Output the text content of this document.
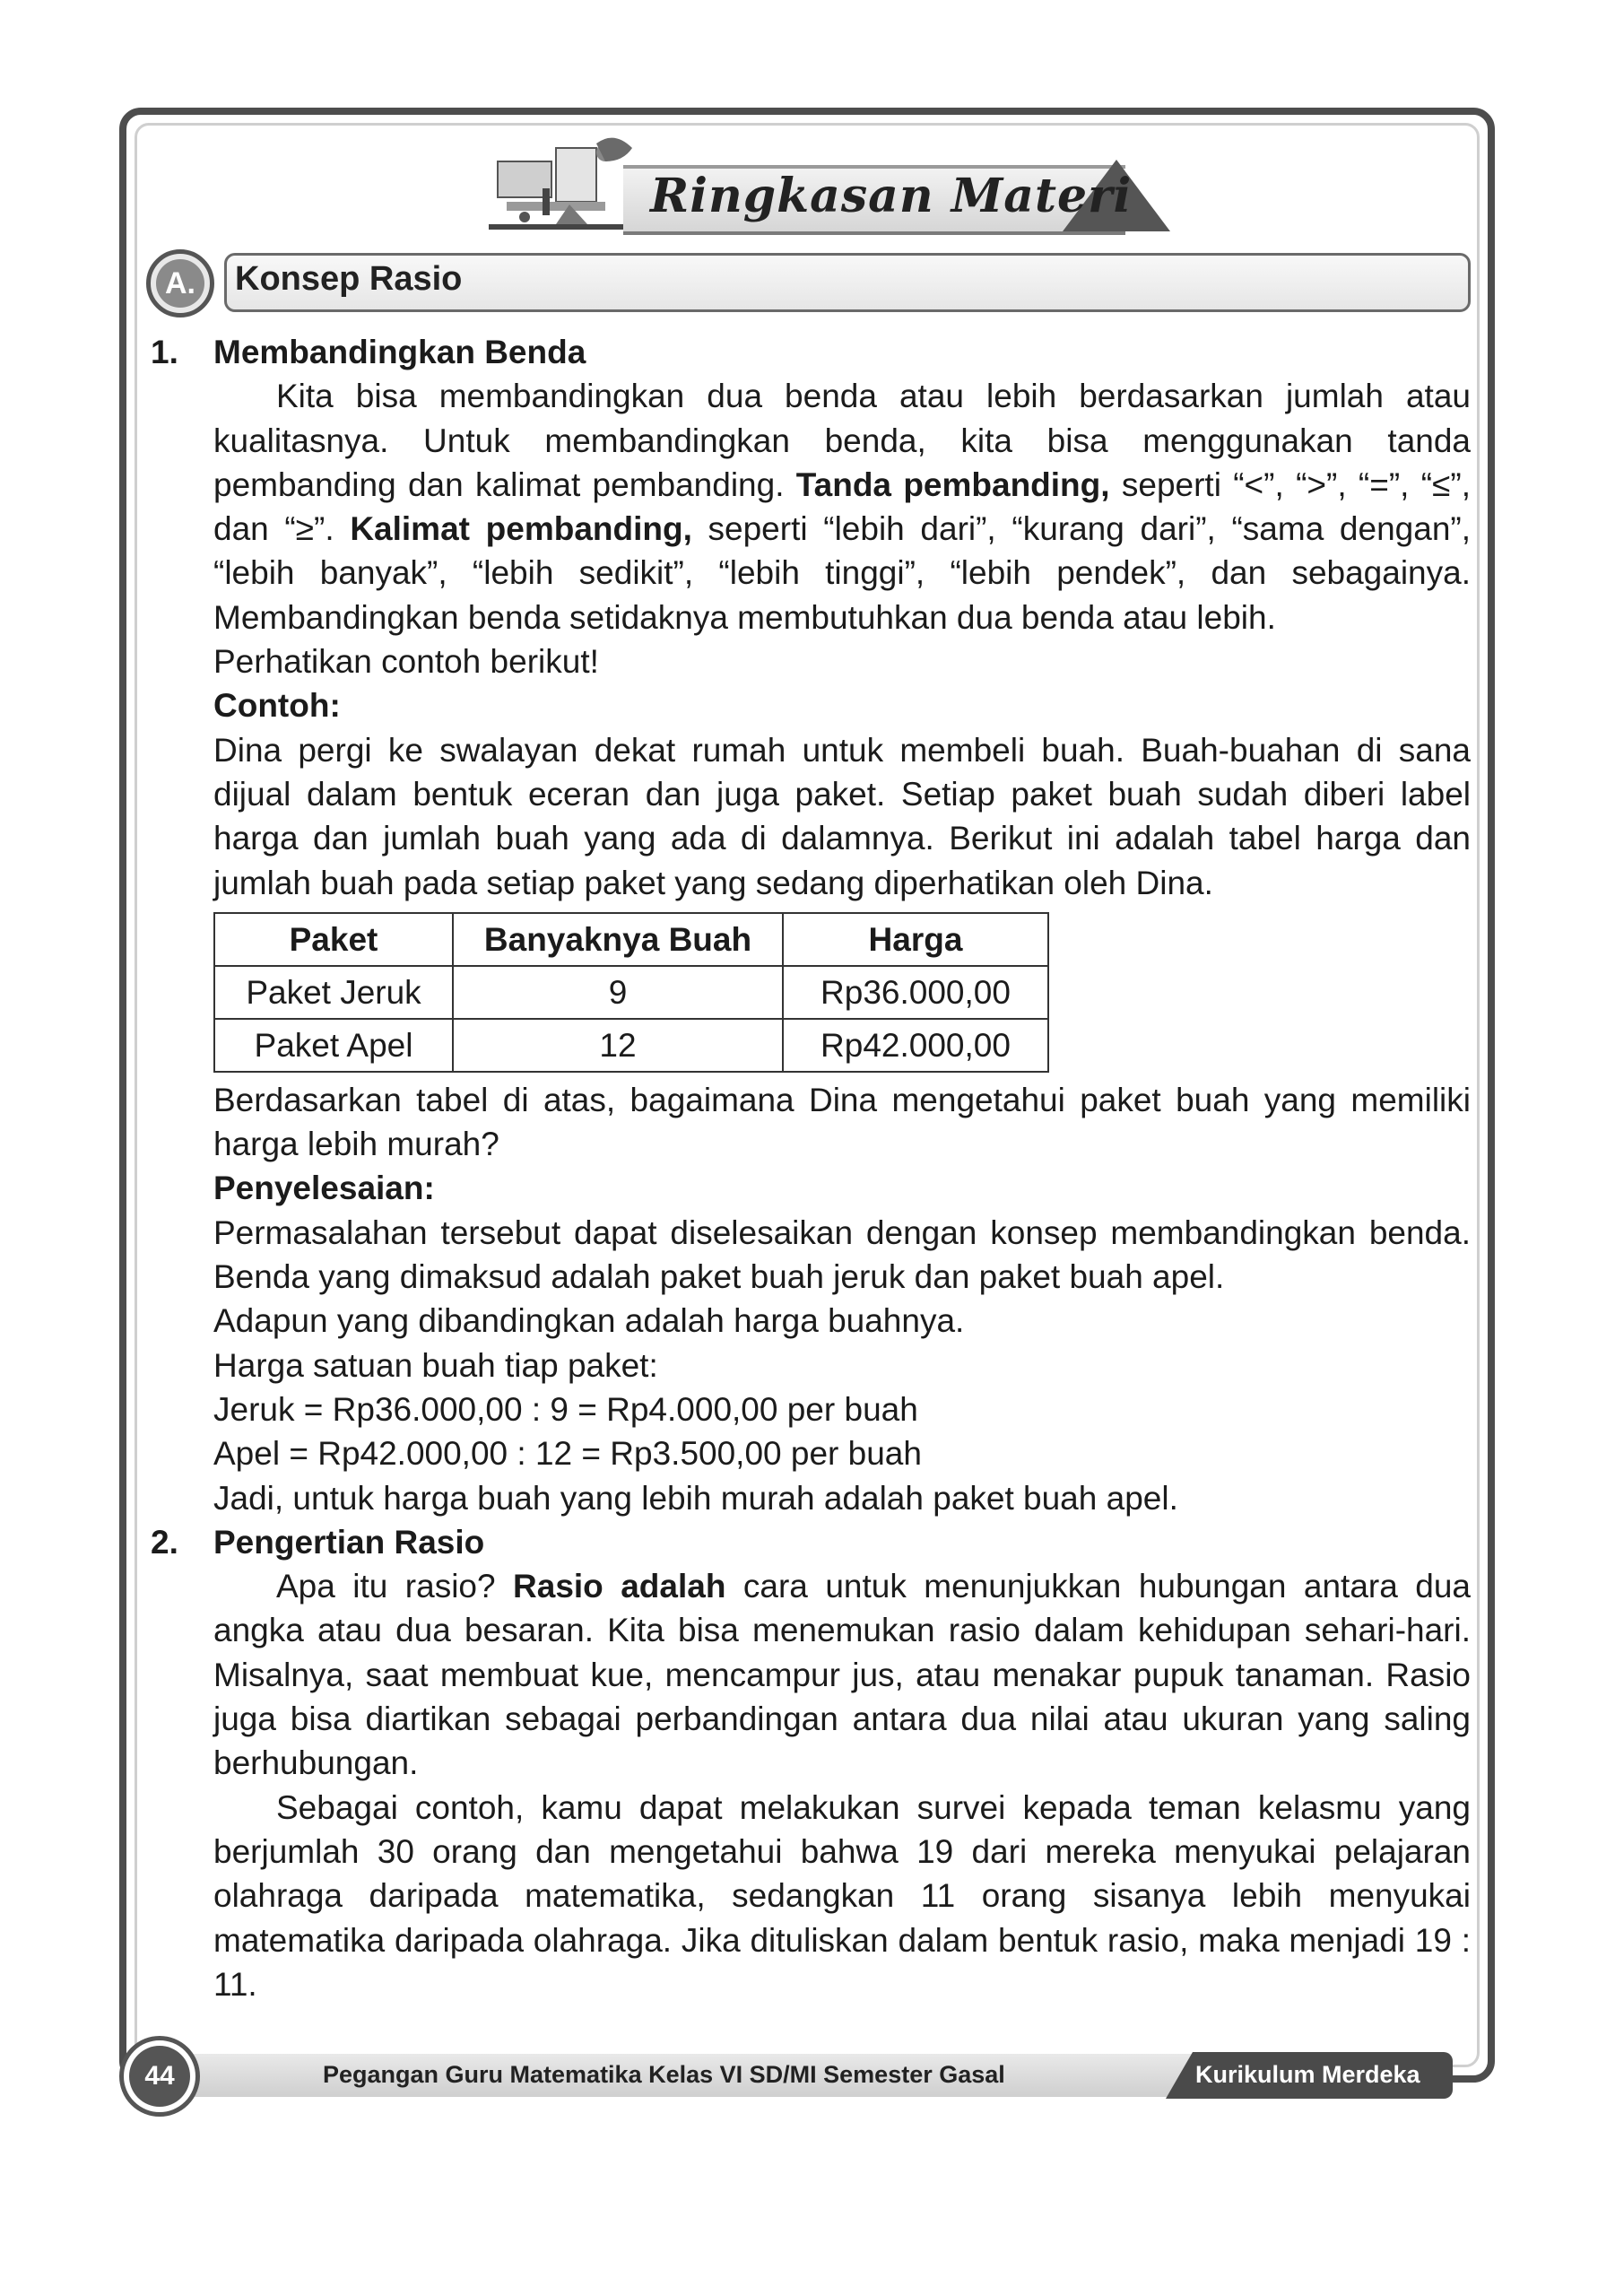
Ringkasan Materi
A. Konsep Rasio
1. Membandingkan Benda

Kita bisa membandingkan dua benda atau lebih berdasarkan jumlah atau kualitasnya. Untuk membandingkan benda, kita bisa menggunakan tanda pembanding dan kalimat pembanding. Tanda pembanding, seperti “<”, “>”, “=”, “≤”, dan “≥”. Kalimat pembanding, seperti “lebih dari”, “kurang dari”, “sama dengan”, “lebih banyak”, “lebih sedikit”, “lebih tinggi”, “lebih pendek”, dan sebagainya. Membandingkan benda setidaknya membutuhkan dua benda atau lebih.

Perhatikan contoh berikut!

Contoh:

Dina pergi ke swalayan dekat rumah untuk membeli buah. Buah-buahan di sana dijual dalam bentuk eceran dan juga paket. Setiap paket buah sudah diberi label harga dan jumlah buah yang ada di dalamnya. Berikut ini adalah tabel harga dan jumlah buah pada setiap paket yang sedang diperhatikan oleh Dina.

Paket	Banyaknya Buah	Harga
Paket Jeruk	9	Rp36.000,00
Paket Apel	12	Rp42.000,00

Berdasarkan tabel di atas, bagaimana Dina mengetahui paket buah yang memiliki harga lebih murah?

Penyelesaian:

Permasalahan tersebut dapat diselesaikan dengan konsep membandingkan benda. Benda yang dimaksud adalah paket buah jeruk dan paket buah apel.

Adapun yang dibandingkan adalah harga buahnya.

Harga satuan buah tiap paket:

Jeruk = Rp36.000,00 : 9 = Rp4.000,00 per buah

Apel = Rp42.000,00 : 12 = Rp3.500,00 per buah

Jadi, untuk harga buah yang lebih murah adalah paket buah apel.

2. Pengertian Rasio

Apa itu rasio? Rasio adalah cara untuk menunjukkan hubungan antara dua angka atau dua besaran. Kita bisa menemukan rasio dalam kehidupan sehari-hari. Misalnya, saat membuat kue, mencampur jus, atau menakar pupuk tanaman. Rasio juga bisa diartikan sebagai perbandingan antara dua nilai atau ukuran yang saling berhubungan.

Sebagai contoh, kamu dapat melakukan survei kepada teman kelasmu yang berjumlah 30 orang dan mengetahui bahwa 19 dari mereka menyukai pelajaran olahraga daripada matematika, sedangkan 11 orang sisanya lebih menyukai matematika daripada olahraga. Jika dituliskan dalam bentuk rasio, maka menjadi 19 : 11.

44	Pegangan Guru Matematika Kelas VI SD/MI Semester Gasal	Kurikulum Merdeka
